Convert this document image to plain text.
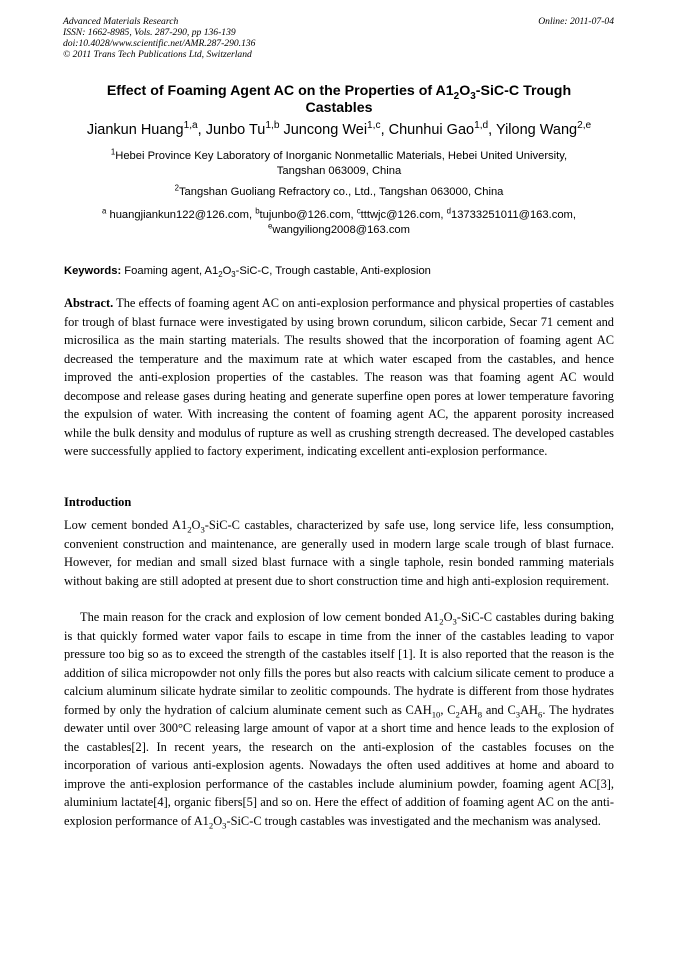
Advanced Materials Research
ISSN: 1662-8985, Vols. 287-290, pp 136-139
doi:10.4028/www.scientific.net/AMR.287-290.136
© 2011 Trans Tech Publications Ltd, Switzerland
Online: 2011-07-04
Effect of Foaming Agent AC on the Properties of $A1_2O_3-SiC-C$ Trough
Castables
Jiankun Huang$^{1,a}$, Junbo Tu$^{1,b}$ Juncong Wei$^{1,c}$, Chunhui Gao$^{1,d}$, Yilong Wang$^{2,e}$
$^1$Hebei Province Key Laboratory of Inorganic Nonmetallic Materials, Hebei United University,
Tangshan 063009, China
$^2$Tangshan Guoliang Refractory co., Ltd., Tangshan 063000, China
$^a$ huangjiankun122@126.com, $^b$tujunbo@126.com, $^c$tttwjc@126.com, $^d$13733251011@163.com,
$^e$wangyiliong2008@163.com
Keywords: Foaming agent, $A1_2O_3-SiC-C$, Trough castable, Anti-explosion
Abstract. The effects of foaming agent AC on anti-explosion performance and physical properties of castables for trough of blast furnace were investigated by using brown corundum, silicon carbide, Secar 71 cement and microsilica as the main starting materials. The results showed that the incorporation of foaming agent AC decreased the temperature and the maximum rate at which water escaped from the castables, and hence improved the anti-explosion properties of the castables. The reason was that foaming agent AC would decompose and release gases during heating and generate superfine open pores at lower temperature favoring the expulsion of water. With increasing the content of foaming agent AC, the apparent porosity increased while the bulk density and modulus of rupture as well as crushing strength decreased. The developed castables were successfully applied to factory experiment, indicating excellent anti-explosion performance.
Introduction
Low cement bonded $A1_2O_3-SiC-C$ castables, characterized by safe use, long service life, less consumption, convenient construction and maintenance, are generally used in modern large scale trough of blast furnace. However, for median and small sized blast furnace with a single taphole, resin bonded ramming materials without baking are still adopted at present due to short construction time and high anti-explosion requirement.
The main reason for the crack and explosion of low cement bonded $A1_2O_3-SiC-C$ castables during baking is that quickly formed water vapor fails to escape in time from the inner of the castables leading to vapor pressure too big so as to exceed the strength of the castables itself [1]. It is also reported that the reason is the addition of silica micropowder not only fills the pores but also reacts with calcium silicate cement to produce a calcium aluminum silicate hydrate similar to zeolitic compounds. The hydrate is different from those hydrates formed by only the hydration of calcium aluminate cement such as $CAH_{10}$, $C_2AH_8$ and $C_3AH_6$. The hydrates dewater until over 300°C releasing large amount of vapor at a short time and hence leads to the explosion of the castables[2]. In recent years, the research on the anti-explosion of the castables focuses on the incorporation of various anti-explosion agents. Nowadays the often used additives at home and aboard to improve the anti-explosion performance of the castables include aluminium powder, foaming agent AC[3], aluminium lactate[4], organic fibers[5] and so on. Here the effect of addition of foaming agent AC on the anti-explosion performance of $A1_2O_3-SiC-C$ trough castables was investigated and the mechanism was analysed.
